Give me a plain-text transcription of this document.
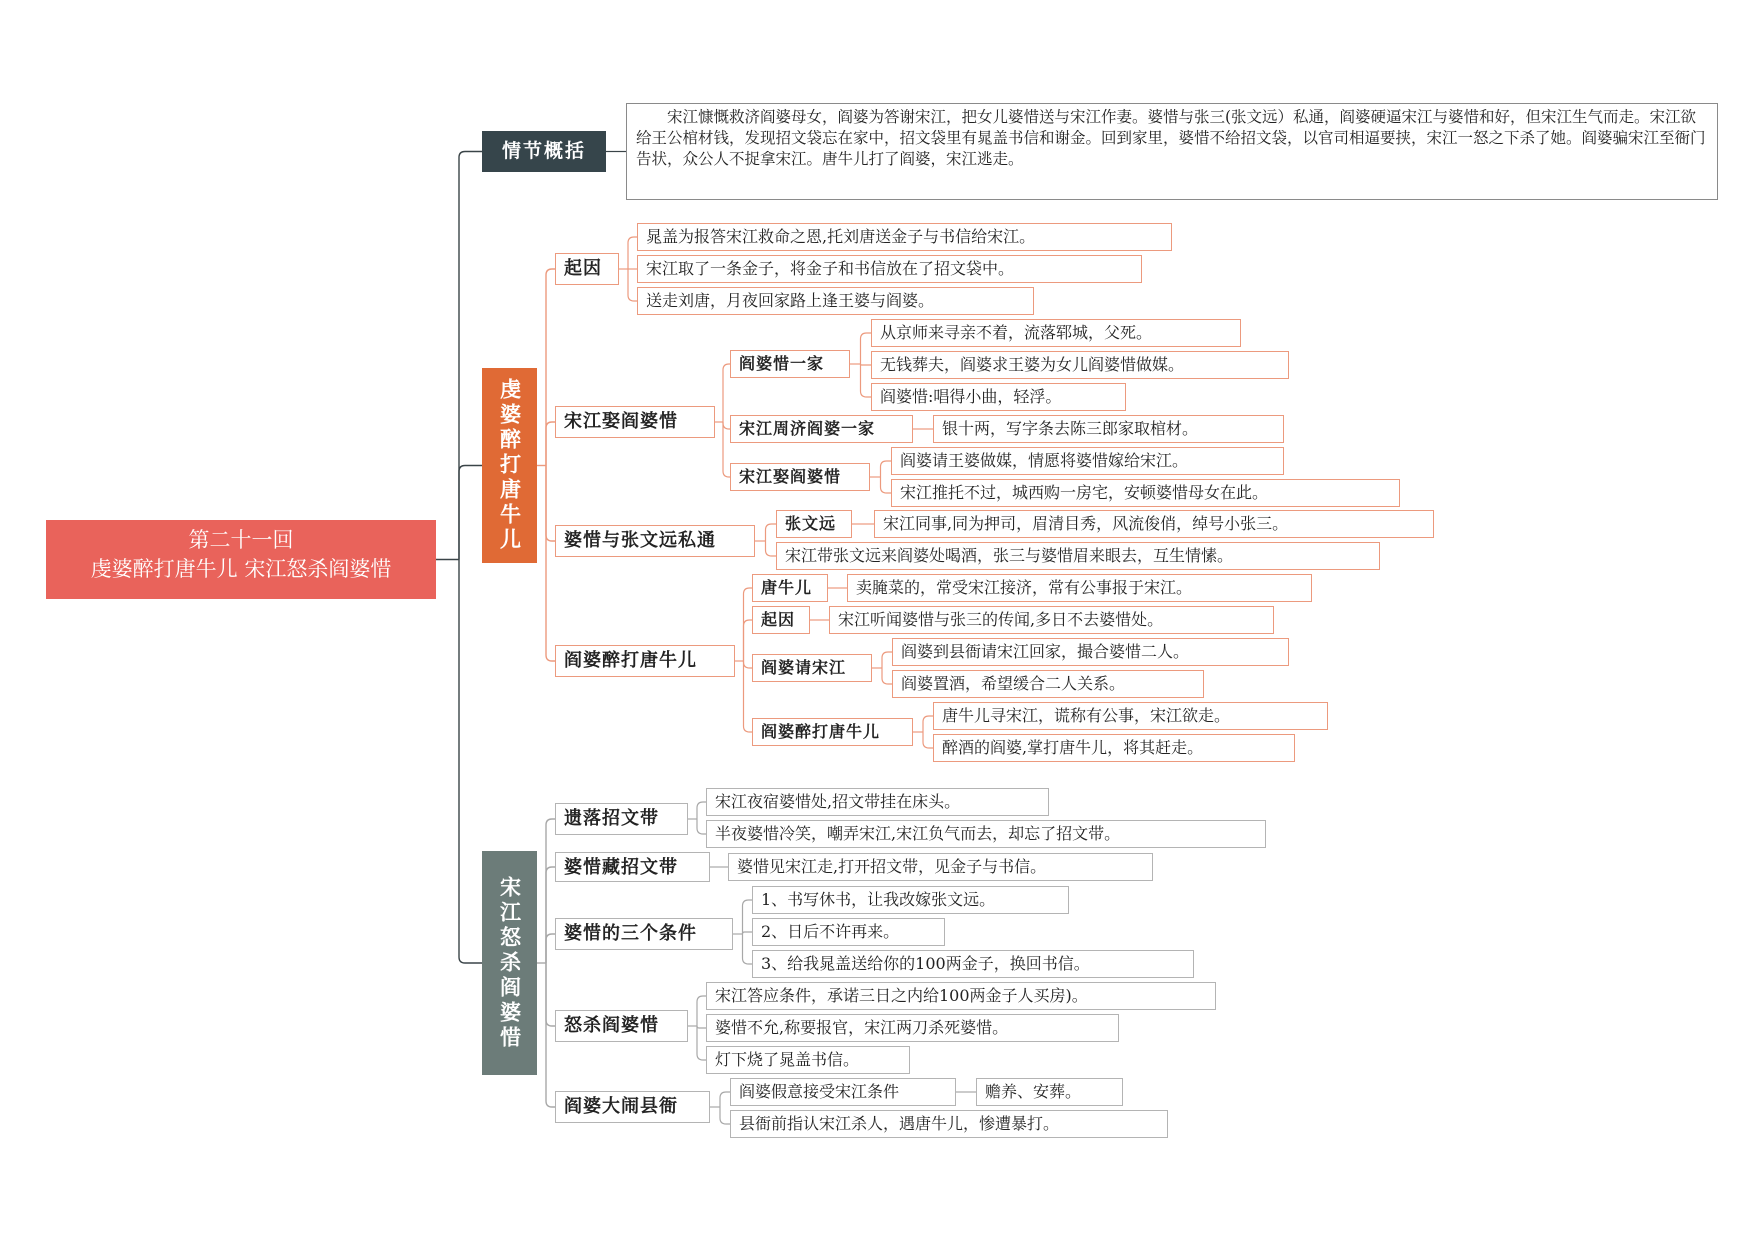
第二十一回
虔婆醉打唐牛儿 宋江怒杀阎婆惜
情节概括
宋江慷慨救济阎婆母女，阎婆为答谢宋江，把女儿婆惜送与宋江作妻。婆惜与张三(张文远）私通，阎婆硬逼宋江与婆惜和好，但宋江生气而走。宋江欲给王公棺材钱，发现招文袋忘在家中，招文袋里有晁盖书信和谢金。回到家里，婆惜不给招文袋，以官司相逼要挟，宋江一怒之下杀了她。阎婆骗宋江至衙门告状，众公人不捉拿宋江。唐牛儿打了阎婆，宋江逃走。
虔婆醉打唐牛儿
起因
晁盖为报答宋江救命之恩,托刘唐送金子与书信给宋江。
宋江取了一条金子，将金子和书信放在了招文袋中。
送走刘唐，月夜回家路上逢王婆与阎婆。
宋江娶阎婆惜
阎婆惜一家
从京师来寻亲不着，流落郓城，父死。
无钱葬夫，阎婆求王婆为女儿阎婆惜做媒。
阎婆惜:唱得小曲，轻浮。
宋江周济阎婆一家	银十两，写字条去陈三郎家取棺材。
宋江娶阎婆惜
阎婆请王婆做媒，情愿将婆惜嫁给宋江。
宋江推托不过，城西购一房宅，安顿婆惜母女在此。
婆惜与张文远私通
张文远	宋江同事,同为押司，眉清目秀，风流俊俏，绰号小张三。
宋江带张文远来阎婆处喝酒，张三与婆惜眉来眼去，互生情愫。
阎婆醉打唐牛儿
唐牛儿	卖腌菜的，常受宋江接济，常有公事报于宋江。
起因	宋江听闻婆惜与张三的传闻,多日不去婆惜处。
阎婆请宋江
阎婆到县衙请宋江回家，撮合婆惜二人。
阎婆置酒，希望缓合二人关系。
阎婆醉打唐牛儿
唐牛儿寻宋江，谎称有公事，宋江欲走。
醉酒的阎婆,掌打唐牛儿，将其赶走。
宋江怒杀阎婆惜
遗落招文带
宋江夜宿婆惜处,招文带挂在床头。
半夜婆惜冷笑，嘲弄宋江,宋江负气而去，却忘了招文带。
婆惜藏招文带	婆惜见宋江走,打开招文带，见金子与书信。
婆惜的三个条件
1、书写休书，让我改嫁张文远。
2、日后不许再来。
3、给我晁盖送给你的100两金子，换回书信。
怒杀阎婆惜
宋江答应条件，承诺三日之内给100两金子人买房)。
婆惜不允,称要报官，宋江两刀杀死婆惜。
灯下烧了晁盖书信。
阎婆大闹县衙
阎婆假意接受宋江条件	赡养、安葬。
县衙前指认宋江杀人，遇唐牛儿，惨遭暴打。
